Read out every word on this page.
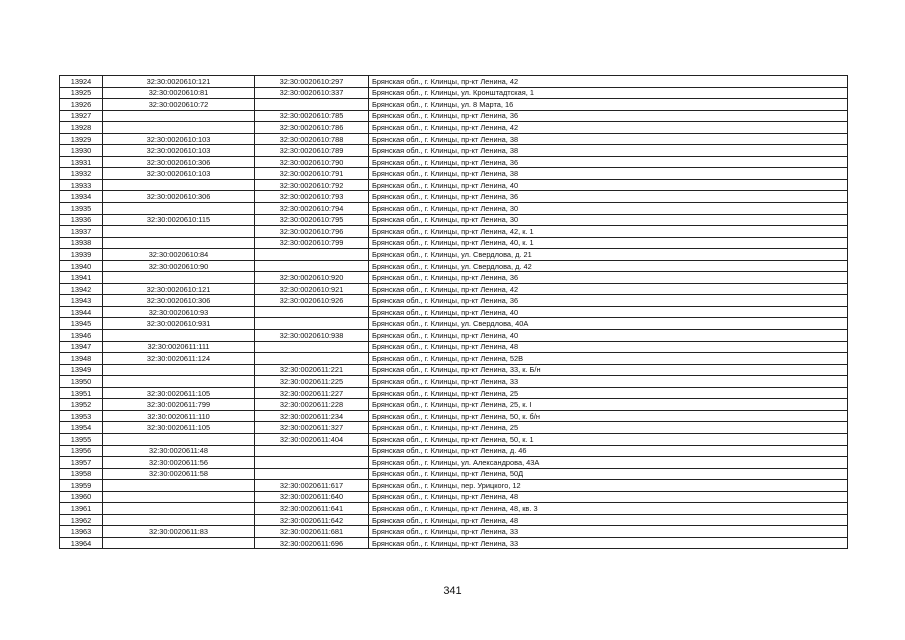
13924	32:30:0020610:121	32:30:0020610:297	Брянская обл., г. Клинцы, пр-кт Ленина, 42
13925	32:30:0020610:81	32:30:0020610:337	Брянская обл., г. Клинцы, ул. Кронштадтская, 1
13926	32:30:0020610:72		Брянская обл., г. Клинцы, ул. 8 Марта, 16
13927		32:30:0020610:785	Брянская обл., г. Клинцы, пр-кт Ленина, 36
13928		32:30:0020610:786	Брянская обл., г. Клинцы, пр-кт Ленина, 42
13929	32:30:0020610:103	32:30:0020610:788	Брянская обл., г. Клинцы, пр-кт Ленина, 38
13930	32:30:0020610:103	32:30:0020610:789	Брянская обл., г. Клинцы, пр-кт Ленина, 38
13931	32:30:0020610:306	32:30:0020610:790	Брянская обл., г. Клинцы, пр-кт Ленина, 36
13932	32:30:0020610:103	32:30:0020610:791	Брянская обл., г. Клинцы, пр-кт Ленина, 38
13933		32:30:0020610:792	Брянская обл., г. Клинцы, пр-кт Ленина, 40
13934	32:30:0020610:306	32:30:0020610:793	Брянская обл., г. Клинцы, пр-кт Ленина, 36
13935		32:30:0020610:794	Брянская обл., г. Клинцы, пр-кт Ленина, 30
13936	32:30:0020610:115	32:30:0020610:795	Брянская обл., г. Клинцы, пр-кт Ленина, 30
13937		32:30:0020610:796	Брянская обл., г. Клинцы, пр-кт Ленина, 42, к. 1
13938		32:30:0020610:799	Брянская обл., г. Клинцы, пр-кт Ленина, 40, к. 1
13939	32:30:0020610:84		Брянская обл., г. Клинцы, ул. Свердлова, д. 21
13940	32:30:0020610:90		Брянская обл., г. Клинцы, ул. Свердлова, д. 42
13941		32:30:0020610:920	Брянская обл., г. Клинцы, пр-кт Ленина, 36
13942	32:30:0020610:121	32:30:0020610:921	Брянская обл., г. Клинцы, пр-кт Ленина, 42
13943	32:30:0020610:306	32:30:0020610:926	Брянская обл., г. Клинцы, пр-кт Ленина, 36
13944	32:30:0020610:93		Брянская обл., г. Клинцы, пр-кт Ленина, 40
13945	32:30:0020610:931		Брянская обл., г. Клинцы, ул. Свердлова, 40А
13946		32:30:0020610:938	Брянская обл., г. Клинцы, пр-кт Ленина, 40
13947	32:30:0020611:111		Брянская обл., г. Клинцы, пр-кт Ленина, 48
13948	32:30:0020611:124		Брянская обл., г. Клинцы, пр-кт Ленина, 52В
13949		32:30:0020611:221	Брянская обл., г. Клинцы, пр-кт Ленина, 33, к. Б/н
13950		32:30:0020611:225	Брянская обл., г. Клинцы, пр-кт Ленина, 33
13951	32:30:0020611:105	32:30:0020611:227	Брянская обл., г. Клинцы, пр-кт Ленина, 25
13952	32:30:0020611:799	32:30:0020611:228	Брянская обл., г. Клинцы, пр-кт Ленина, 25, к. I
13953	32:30:0020611:110	32:30:0020611:234	Брянская обл., г. Клинцы, пр-кт Ленина, 50, к. б/н
13954	32:30:0020611:105	32:30:0020611:327	Брянская обл., г. Клинцы, пр-кт Ленина, 25
13955		32:30:0020611:404	Брянская обл., г. Клинцы, пр-кт Ленина, 50, к. 1
13956	32:30:0020611:48		Брянская обл., г. Клинцы, пр-кт Ленина, д. 46
13957	32:30:0020611:56		Брянская обл., г. Клинцы, ул. Александрова, 43А
13958	32:30:0020611:58		Брянская обл., г. Клинцы, пр-кт Ленина, 50Д
13959		32:30:0020611:617	Брянская обл., г. Клинцы, пер. Урицкого, 12
13960		32:30:0020611:640	Брянская обл., г. Клинцы, пр-кт Ленина, 48
13961		32:30:0020611:641	Брянская обл., г. Клинцы, пр-кт Ленина, 48, кв. 3
13962		32:30:0020611:642	Брянская обл., г. Клинцы, пр-кт Ленина, 48
13963	32:30:0020611:83	32:30:0020611:681	Брянская обл., г. Клинцы, пр-кт Ленина, 33
13964		32:30:0020611:696	Брянская обл., г. Клинцы, пр-кт Ленина, 33
341
